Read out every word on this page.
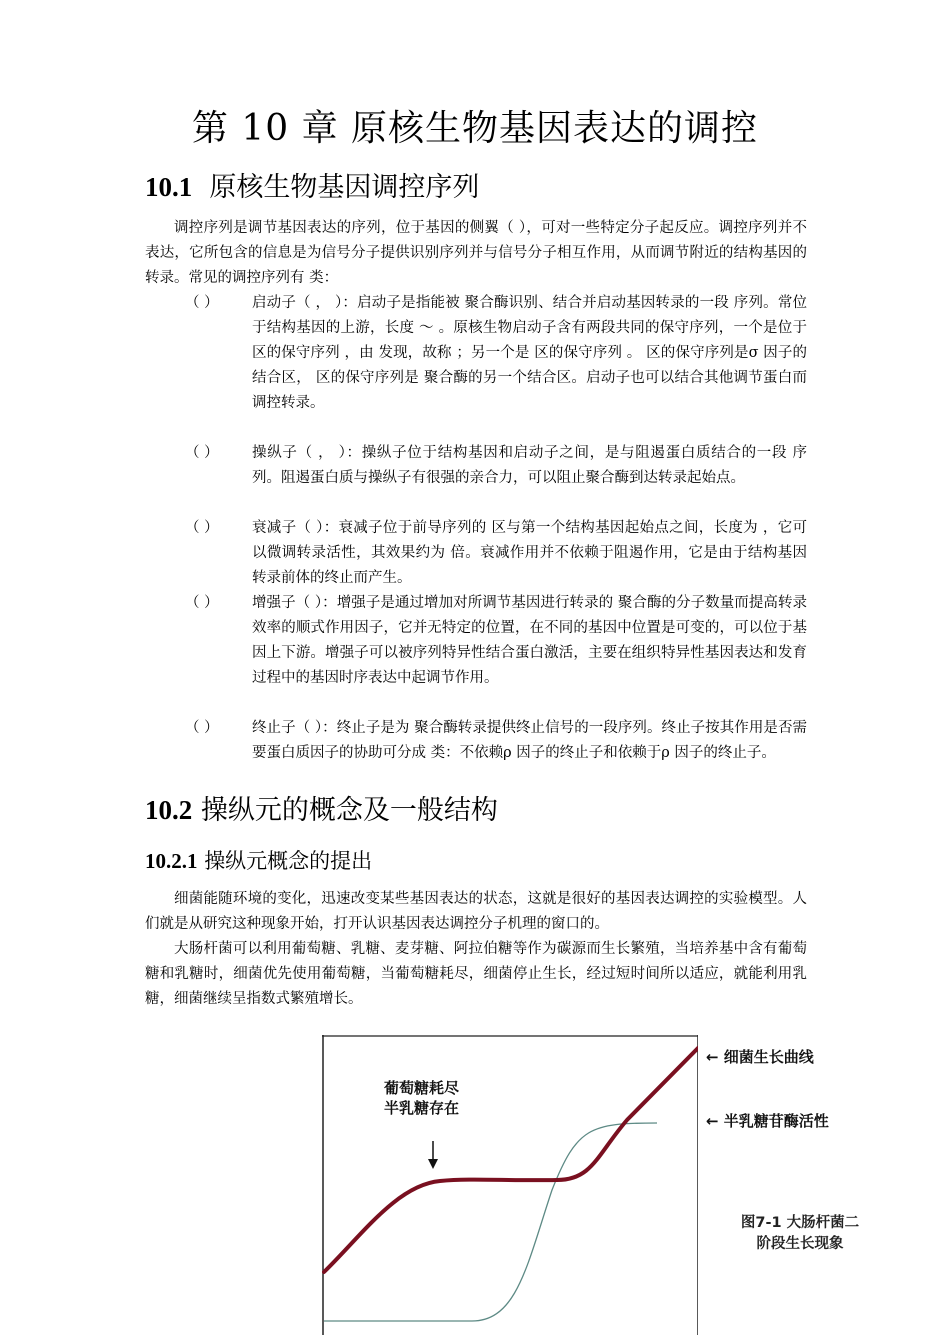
第 10 章 原核生物基因表达的调控
10.1 原核生物基因调控序列

调控序列是调节基因表达的序列，位于基因的侧翼（ ），可对一些特定分子起反应。调控序列并不表达，它所包含的信息是为信号分子提供识别序列并与信号分子相互作用，从而调节附近的结构基因的转录。常见的调控序列有 类：

（ ） 启动子（ ， ）：启动子是指能被 聚合酶识别、结合并启动基因转录的一段 序列。常位于结构基因的上游，长度 ～ 。原核生物启动子含有两段共同的保守序列，一个是位于 区的保守序列 ，由 发现，故称 ；另一个是 区的保守序列 。 区的保守序列是σ 因子的结合区， 区的保守序列是 聚合酶的另一个结合区。启动子也可以结合其他调节蛋白而调控转录。
（ ） 操纵子（ ， ）：操纵子位于结构基因和启动子之间，是与阻遏蛋白质结合的一段 序列。阻遏蛋白质与操纵子有很强的亲合力，可以阻止聚合酶到达转录起始点。
（ ） 衰减子（ ）：衰减子位于前导序列的 区与第一个结构基因起始点之间，长度为 ，它可以微调转录活性，其效果约为 倍。衰减作用并不依赖于阻遏作用，它是由于结构基因转录前体的终止而产生。
（ ） 增强子（ ）：增强子是通过增加对所调节基因进行转录的 聚合酶的分子数量而提高转录效率的顺式作用因子，它并无特定的位置，在不同的基因中位置是可变的，可以位于基因上下游。增强子可以被序列特异性结合蛋白激活，主要在组织特异性基因表达和发育过程中的基因时序表达中起调节作用。
（ ） 终止子（ ）：终止子是为 聚合酶转录提供终止信号的一段序列。终止子按其作用是否需要蛋白质因子的协助可分成 类：不依赖ρ 因子的终止子和依赖于ρ 因子的终止子。
10.2 操纵元的概念及一般结构
10.2.1 操纵元概念的提出

细菌能随环境的变化，迅速改变某些基因表达的状态，这就是很好的基因表达调控的实验模型。人们就是从研究这种现象开始，打开认识基因表达调控分子机理的窗口的。

大肠杆菌可以利用葡萄糖、乳糖、麦芽糖、阿拉伯糖等作为碳源而生长繁殖，当培养基中含有葡萄糖和乳糖时，细菌优先使用葡萄糖，当葡萄糖耗尽，细菌停止生长，经过短时间所以适应，就能利用乳糖，细菌继续呈指数式繁殖增长。

葡萄糖耗尽
半乳糖存在
← 细菌生长曲线
← 半乳糖苷酶活性
图7-1 大肠杆菌二
阶段生长现象
